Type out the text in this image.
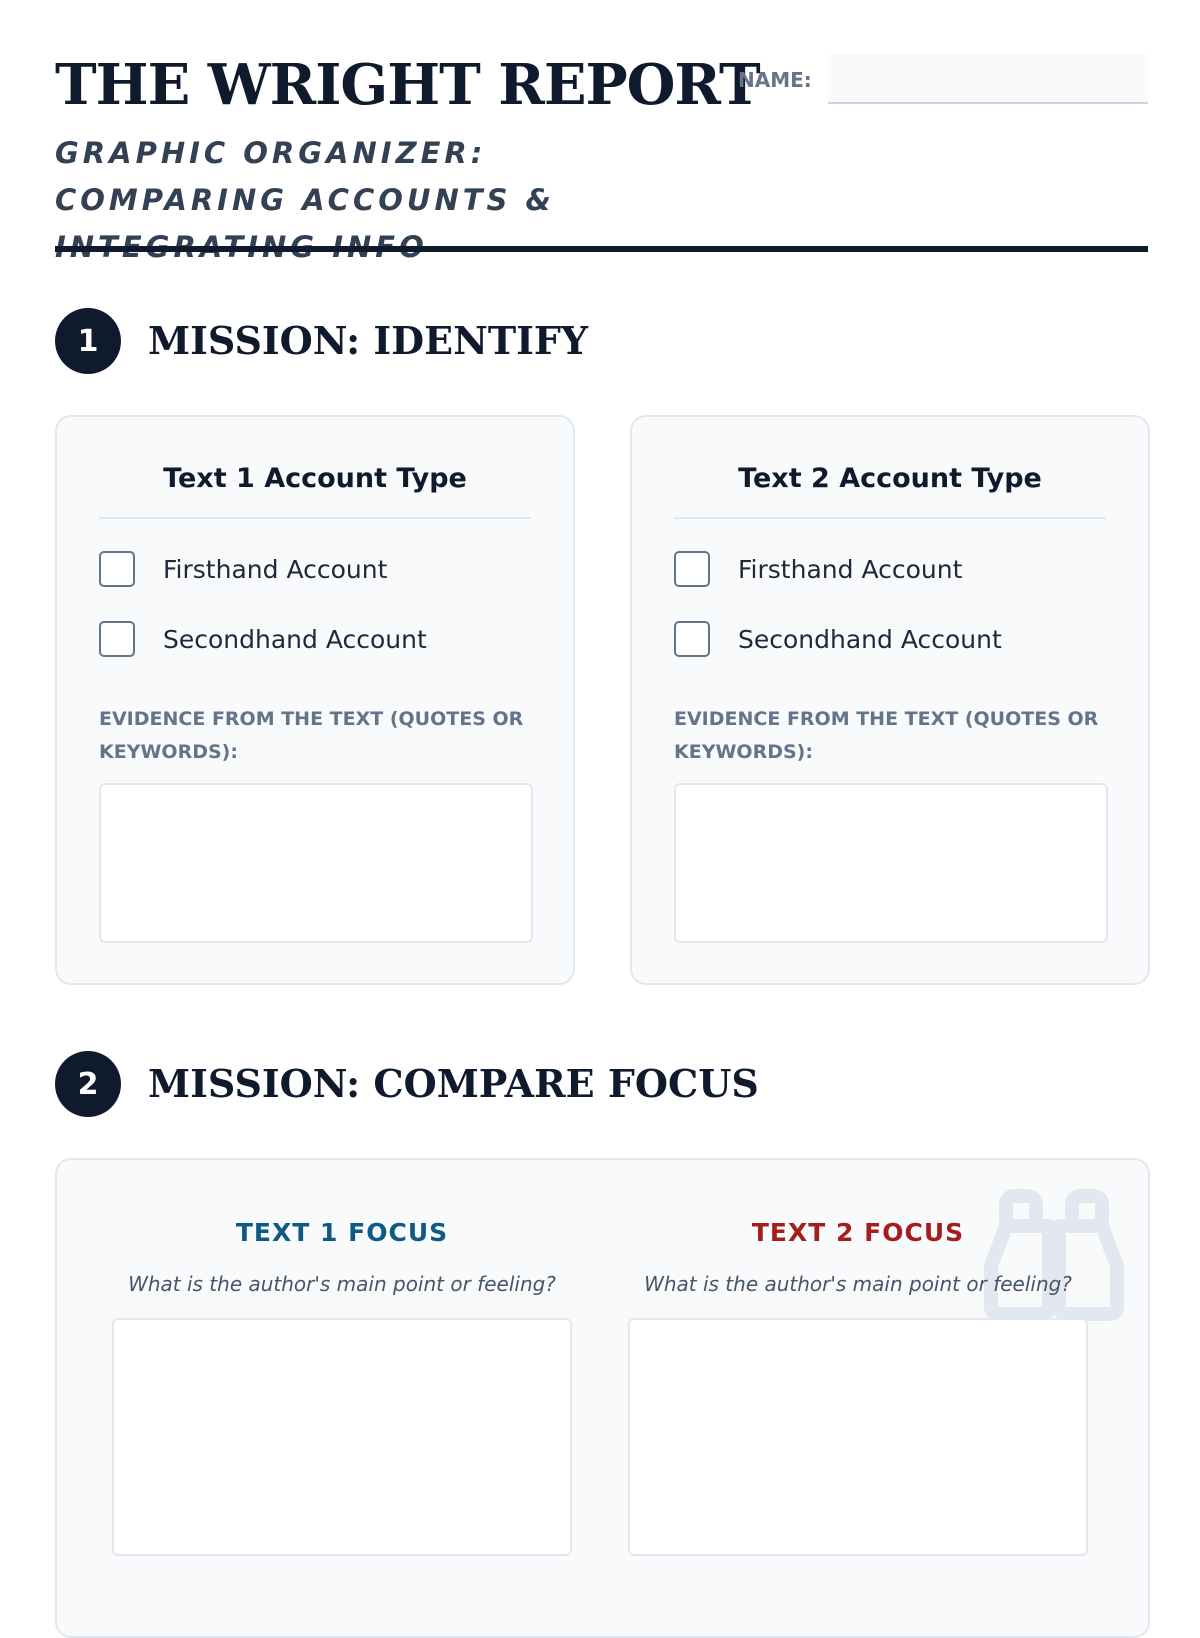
THE WRIGHT REPORT
NAME:

GRAPHIC ORGANIZER: COMPARING ACCOUNTS &

1	MISSION: IDENTIFY
Text 1 Account Type
Firsthand Account
Secondhand Account

EVIDENCE FROM THE TEXT (QUOTES OR KEYWORDS):

Text 2 Account Type
Firsthand Account
Secondhand Account

EVIDENCE FROM THE TEXT (QUOTES OR KEYWORDS):

2	MISSION: COMPARE FOCUS
TEXT 1 FOCUS

What is the author's main point or feeling?

TEXT 2 FOCUS

What is the author's main point or feeling?
